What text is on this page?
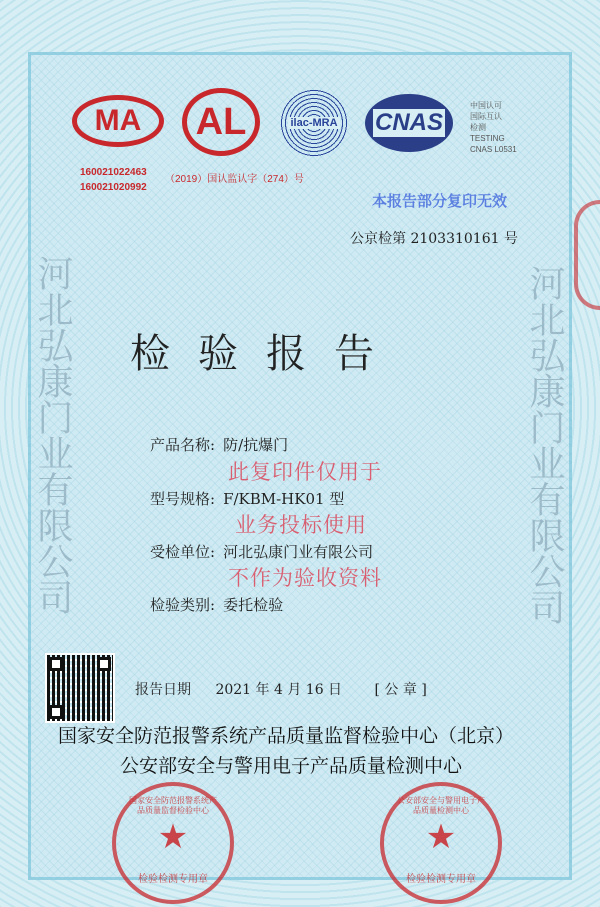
河北弘康门业有限公司	河北弘康门业有限公司
MA AL	ilac-MRA CNAS
中国认可
国际互认
检测
TESTING
CNAS L0531
160021022463
160021020992
（2019）国认监认字（274）号
本报告部分复印无效
公京检第 2103310161 号
检验报告
产品名称: 防/抗爆门
型号规格: F/KBM-HK01 型
受检单位: 河北弘康门业有限公司
检验类别: 委托检验
此复印件仅用于
业务投标使用
不作为验收资料
报告日期 2021 年 4 月 16 日 [ 公 章 ]
国家安全防范报警系统产品质量监督检验中心（北京）
公安部安全与警用电子产品质量检测中心
国家安全防范报警系统产品质量监督检验中心
★
检验检测专用章
公安部安全与警用电子产品质量检测中心
★
检验检测专用章
